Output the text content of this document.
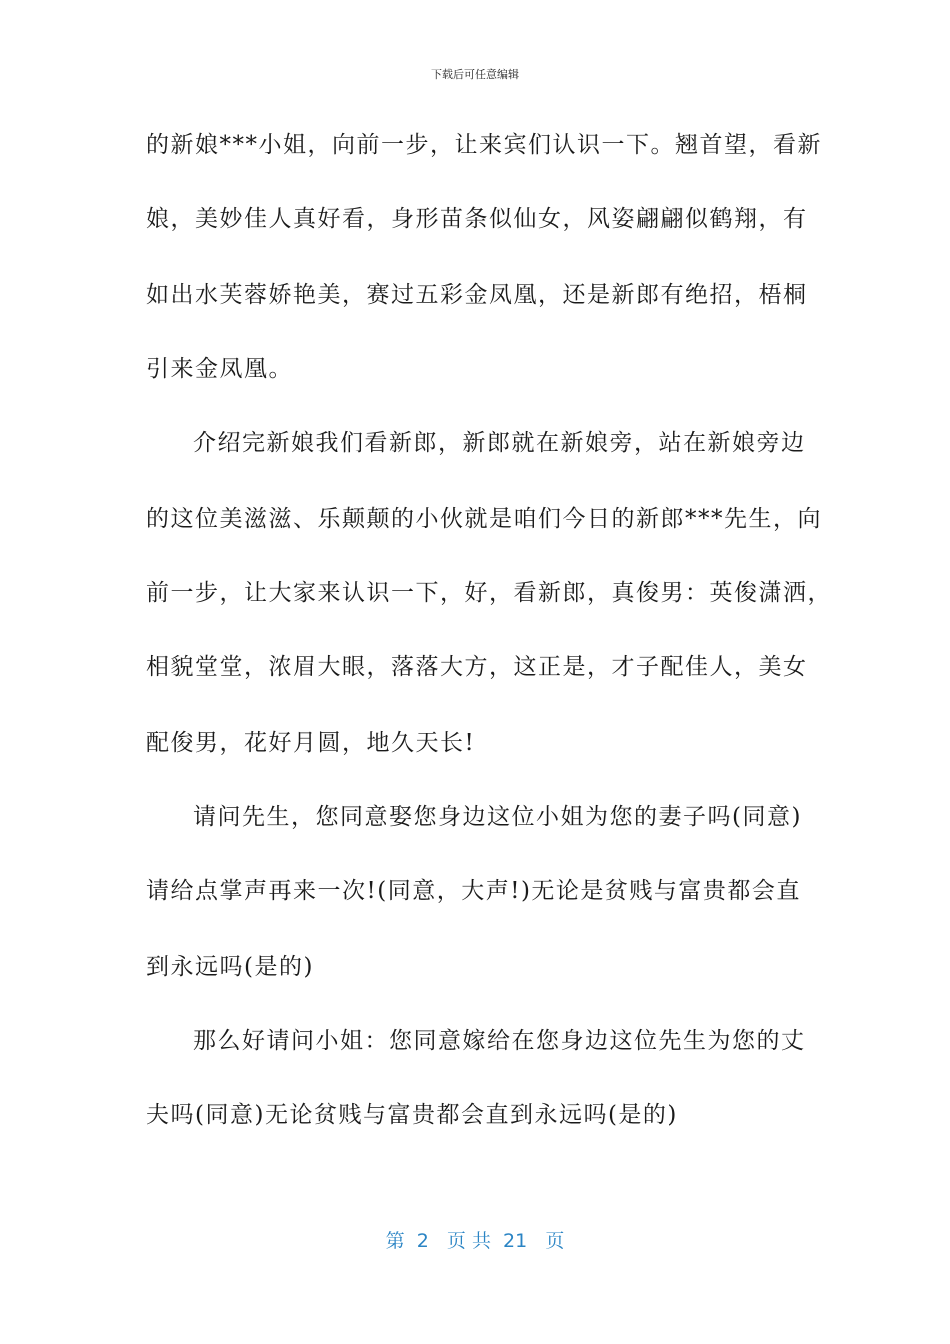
下载后可任意编辑
的新娘***小姐，向前一步，让来宾们认识一下。翘首望，看新
娘，美妙佳人真好看，身形苗条似仙女，风姿翩翩似鹤翔，有
如出水芙蓉娇艳美，赛过五彩金凤凰，还是新郎有绝招，梧桐
引来金凤凰。
介绍完新娘我们看新郎，新郎就在新娘旁，站在新娘旁边
的这位美滋滋、乐颠颠的小伙就是咱们今日的新郎***先生，向
前一步，让大家来认识一下，好，看新郎，真俊男：英俊潇洒，
相貌堂堂，浓眉大眼，落落大方，这正是，才子配佳人，美女
配俊男，花好月圆，地久天长!
请问先生，您同意娶您身边这位小姐为您的妻子吗(同意)
请给点掌声再来一次!(同意，大声!)无论是贫贱与富贵都会直
到永远吗(是的)
那么好请问小姐：您同意嫁给在您身边这位先生为您的丈
夫吗(同意)无论贫贱与富贵都会直到永远吗(是的)
第  2   页 共  21   页
